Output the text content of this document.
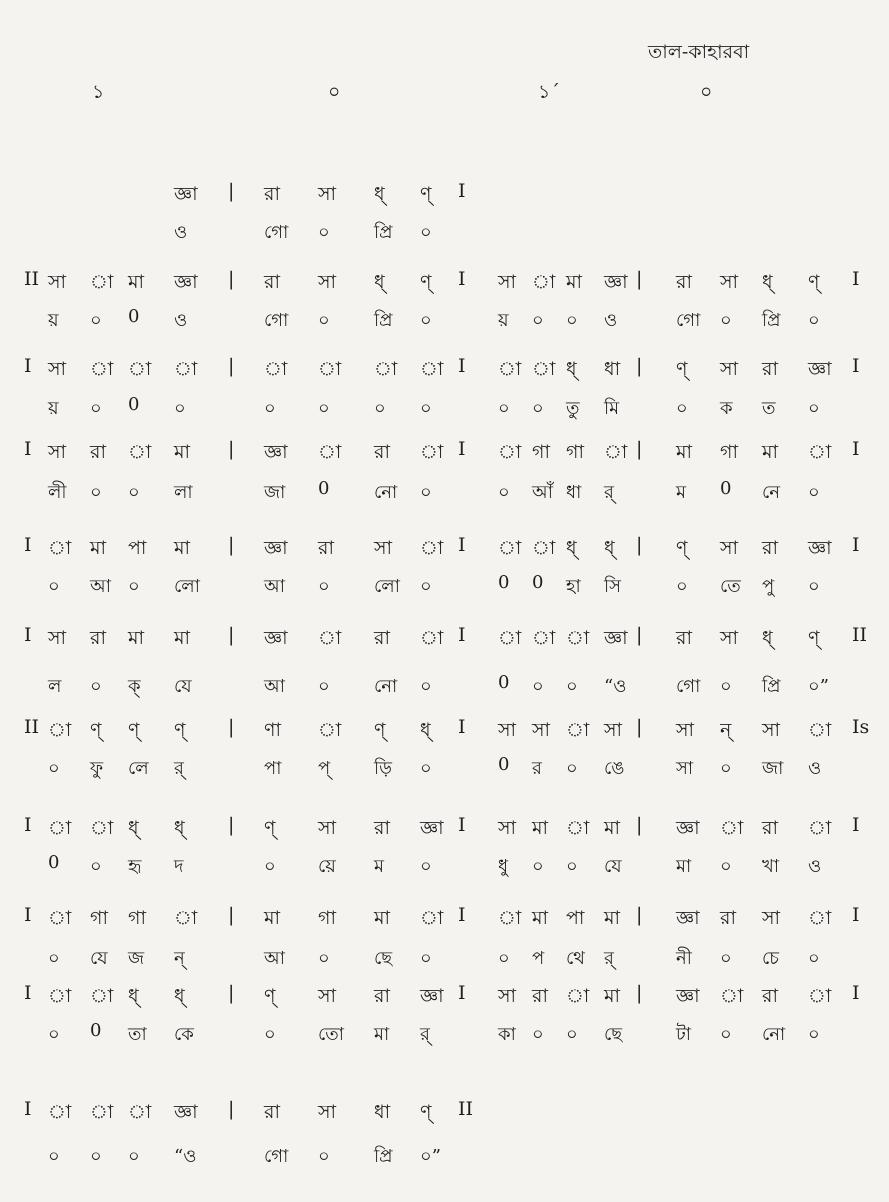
তাল-কাহারবা
১	০	১´	০
|	I
জ্ঞা	রা সা ধ্ ণ্
ও	গো ০ প্রি ০
II	|	I	|	I
সা া মা জ্ঞা	রা সা ধ্ ণ্	সা া মা জ্ঞা	রা সা ধ্ ণ্
য় ০ 0 ও	গো ০ প্রি ০	য় ০ ০ ও	গো ০ প্রি ০
I	|	I	|	I
সা া া া	া া া া	া া ধ্ ধা	ণ্ সা রা জ্ঞা
য় ০ 0 ০	০ ০ ০ ০	০ ০ তু মি	০ ক ত ০
I	|	I	|	I
সা রা া মা	জ্ঞা া রা া	া গা গা া	মা গা মা া
লী ০ ০ লা	জা 0 নো ০	০ আঁ ধা র্	ম 0 নে ০
I	|	I	|	I
া মা পা মা	জ্ঞা রা সা া	া া ধ্ ধ্	ণ্ সা রা জ্ঞা
০ আ ০ লো	আ ০ লো ০	0 0 হা সি	০ তে পু ০
I	|	I	|	II
সা রা মা মা	জ্ঞা া রা া	া া া জ্ঞা	রা সা ধ্ ণ্
ল ০ ক্ যে	আ ০ নো ০	0 ০ ০ “ও	গো ০ প্রি ০”
II	|	I	|	Is
া ণ্ ণ্ ণ্	ণা া ণ্ ধ্	সা সা া সা	সা ন্ সা া
০ ফু লে র্	পা প্ ড়ি ০	0 র ০ ঙে	সা ০ জা ও
I	|	I	|	I
া া ধ্ ধ্	ণ্ সা রা জ্ঞা	সা মা া মা	জ্ঞা া রা া
0 ০ হৃ দ	০ য়ে ম ০	ধু ০ ০ যে	মা ০ খা ও
I	|	I	|	I
া গা গা া	মা গা মা া	া মা পা মা	জ্ঞা রা সা া
০ যে জ ন্	আ ০ ছে ০	০ প থে র্	নী ০ চে ০
I	|	I	|	I
া া ধ্ ধ্	ণ্ সা রা জ্ঞা	সা রা া মা	জ্ঞা া রা া
০ 0 তা কে	০ তো মা র্	কা ০ ০ ছে	টা ০ নো ০
I	|	II
া া া জ্ঞা	রা সা ধা ণ্
০ ০ ০ “ও	গো ০ প্রি ০”
